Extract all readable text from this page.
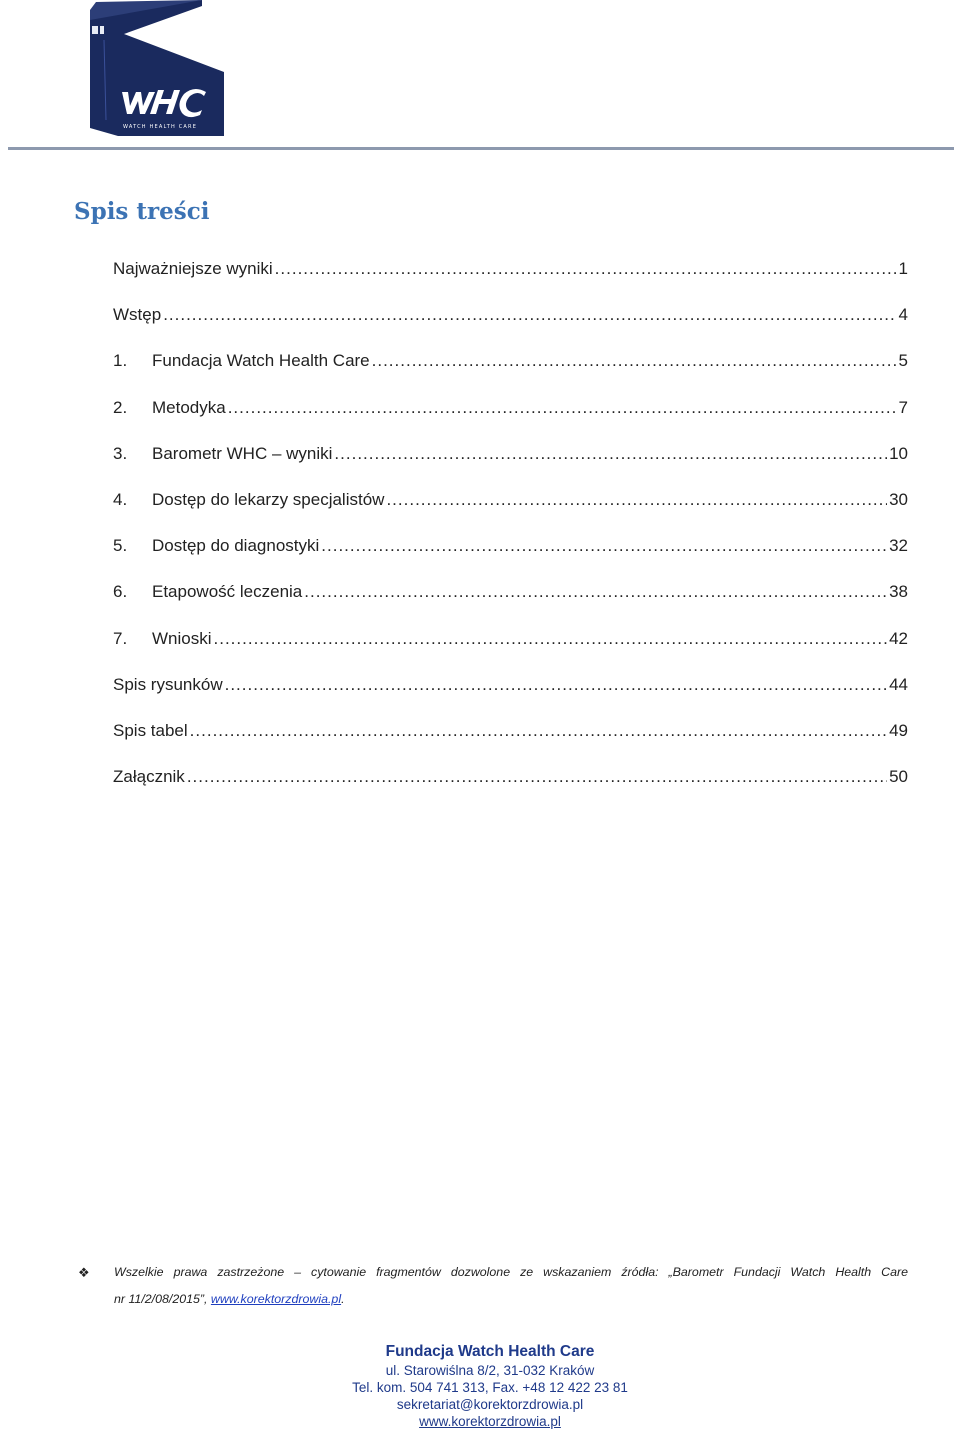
WATCH HEALTH CARE
Spis treści
Najważniejsze wyniki .....	1
Wstęp .....	4
1.	Fundacja Watch Health Care .....	5
2.	Metodyka .....	7
3.	Barometr WHC – wyniki .....	10
4.	Dostęp do lekarzy specjalistów .....	30
5.	Dostęp do diagnostyki .....	32
6.	Etapowość leczenia .....	38
7.	Wnioski .....	42
Spis rysunków .....	44
Spis tabel .....	49
Załącznik .....	50
❖ Wszelkie prawa zastrzeżone – cytowanie fragmentów dozwolone ze wskazaniem źródła: „Barometr Fundacji Watch Health Care
nr 11/2/08/2015”, www.korektorzdrowia.pl.
Fundacja Watch Health Care
ul. Starowiślna 8/2, 31-032 Kraków
Tel. kom. 504 741 313, Fax. +48 12 422 23 81
sekretariat@korektorzdrowia.pl
www.korektorzdrowia.pl
